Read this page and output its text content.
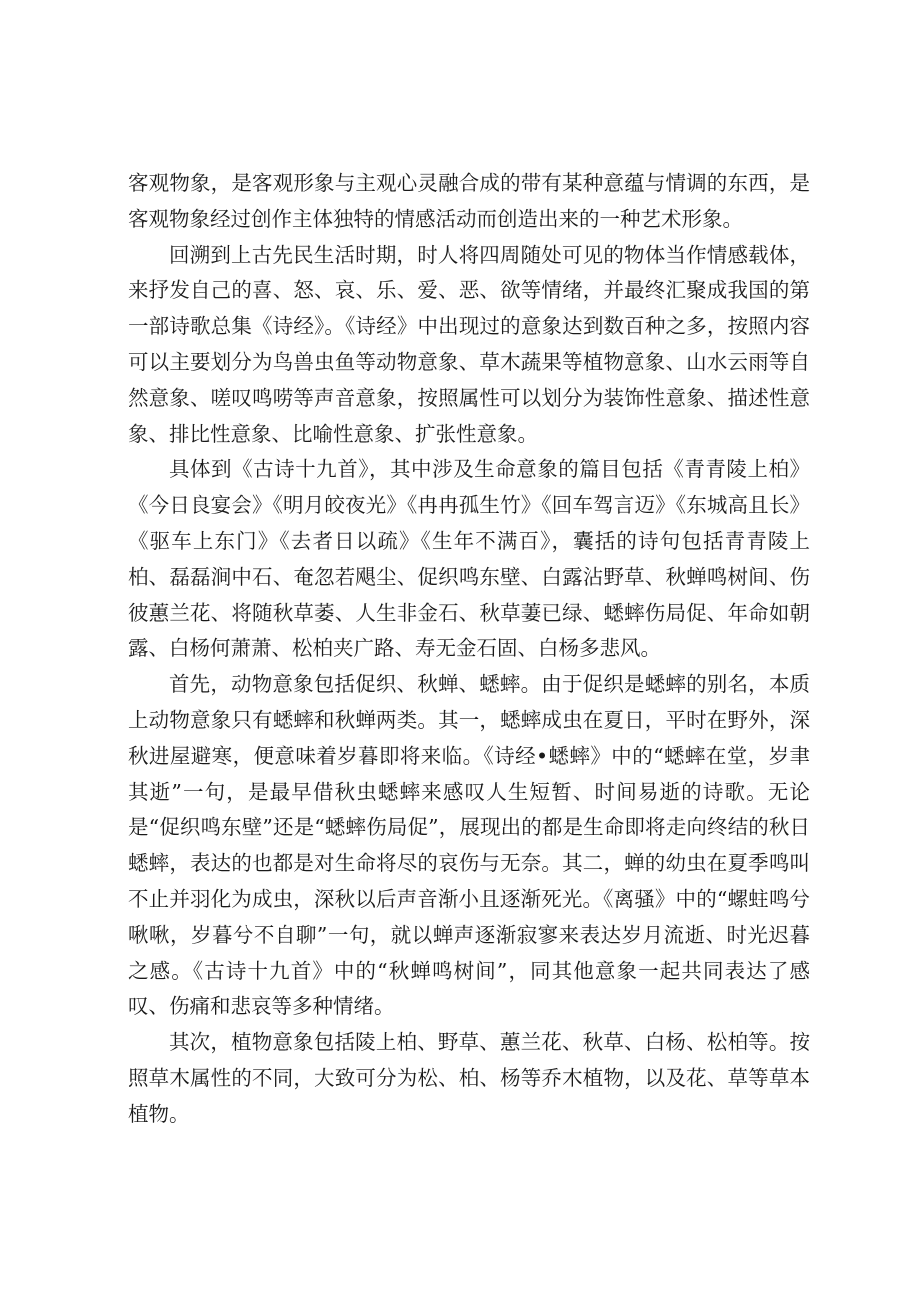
客观物象，是客观形象与主观心灵融合成的带有某种意蕴与情调的东西，是客观物象经过创作主体独特的情感活动而创造出来的一种艺术形象。

回溯到上古先民生活时期，时人将四周随处可见的物体当作情感载体，来抒发自己的喜、怒、哀、乐、爱、恶、欲等情绪，并最终汇聚成我国的第一部诗歌总集《诗经》。《诗经》中出现过的意象达到数百种之多，按照内容可以主要划分为鸟兽虫鱼等动物意象、草木蔬果等植物意象、山水云雨等自然意象、嗟叹鸣唠等声音意象，按照属性可以划分为装饰性意象、描述性意象、排比性意象、比喻性意象、扩张性意象。

具体到《古诗十九首》，其中涉及生命意象的篇目包括《青青陵上柏》《今日良宴会》《明月皎夜光》《冉冉孤生竹》《回车驾言迈》《东城高且长》《驱车上东门》《去者日以疏》《生年不满百》，囊括的诗句包括青青陵上柏、磊磊涧中石、奄忽若飓尘、促织鸣东壁、白露沾野草、秋蝉鸣树间、伤彼蕙兰花、将随秋草萎、人生非金石、秋草萋已绿、蟋蟀伤局促、年命如朝露、白杨何萧萧、松柏夹广路、寿无金石固、白杨多悲风。

首先，动物意象包括促织、秋蝉、蟋蟀。由于促织是蟋蟀的别名，本质上动物意象只有蟋蟀和秋蝉两类。其一，蟋蟀成虫在夏日，平时在野外，深秋进屋避寒，便意味着岁暮即将来临。《诗经•蟋蟀》中的“蟋蟀在堂，岁聿其逝”一句，是最早借秋虫蟋蟀来感叹人生短暂、时间易逝的诗歌。无论是“促织鸣东壁”还是“蟋蟀伤局促”，展现出的都是生命即将走向终结的秋日蟋蟀，表达的也都是对生命将尽的哀伤与无奈。其二，蝉的幼虫在夏季鸣叫不止并羽化为成虫，深秋以后声音渐小且逐渐死光。《离骚》中的“螺蛀鸣兮啾啾，岁暮兮不自聊”一句，就以蝉声逐渐寂寥来表达岁月流逝、时光迟暮之感。《古诗十九首》中的“秋蝉鸣树间”，同其他意象一起共同表达了感叹、伤痛和悲哀等多种情绪。

其次，植物意象包括陵上柏、野草、蕙兰花、秋草、白杨、松柏等。按照草木属性的不同，大致可分为松、柏、杨等乔木植物，以及花、草等草本植物。
